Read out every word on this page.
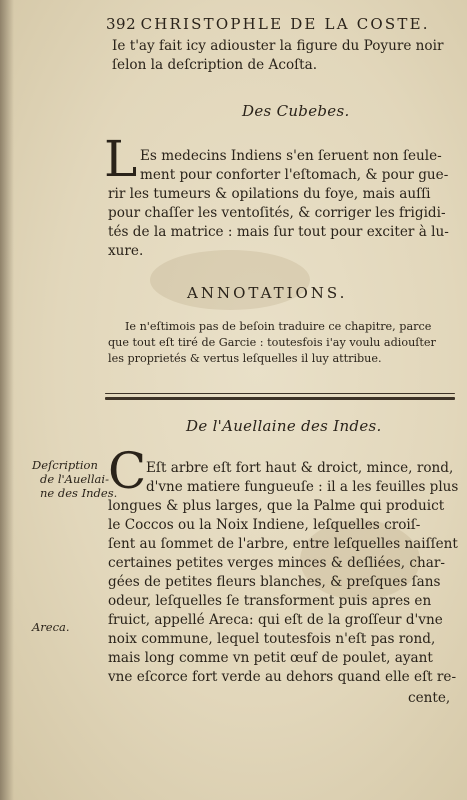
392 CHRISTOPHLE DE LA COSTE.
Ie t'ay fait icy adiouster la figure du Poyure noir
ſelon la deſcription de Acoſta.
Des Cubebes.
L Es medecins Indiens s'en ſeruent non ſeule-
ment pour conforter l'eſtomach, & pour gue-
rir les tumeurs & opilations du foye, mais auſſi
pour chaſſer les ventoſités, & corriger les frigidi-
tés de la matrice : mais ſur tout pour exciter à lu-
xure.
ANNOTATIONS.
Ie n'eſtimois pas de beſoin traduire ce chapitre, parce
que tout eſt tiré de Garcie : toutesfois i'ay voulu adiouſter
les proprietés & vertus leſquelles il luy attribue.
De l'Auellaine des Indes.
Deſcription
de l'Auellai-
ne des Indes.
Areca.
C Eſt arbre eſt fort haut & droict, mince, rond,
d'vne matiere fungueuſe : il a les feuilles plus
longues & plus larges, que la Palme qui produict
le Coccos ou la Noix Indiene, leſquelles croiſ-
ſent au ſommet de l'arbre, entre leſquelles naiſſent
certaines petites verges minces & deſliées, char-
gées de petites fleurs blanches, & preſques ſans
odeur, leſquelles ſe transforment puis apres en
fruict, appellé Areca: qui eſt de la groſſeur d'vne
noix commune, lequel toutesfois n'eſt pas rond,
mais long comme vn petit œuf de poulet, ayant
vne eſcorce fort verde au dehors quand elle eſt re-
cente,
